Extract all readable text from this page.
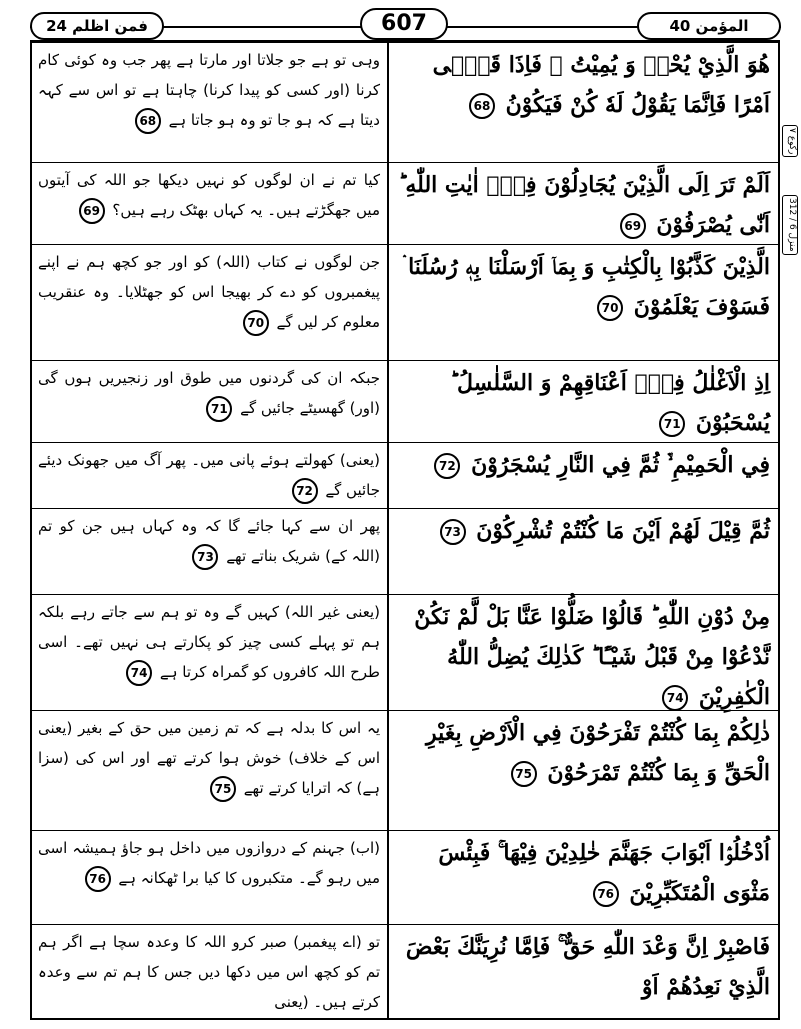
فمن اظلم 24	607	المؤمن 40
وہی تو ہے جو جلاتا اور مارتا ہے پھر جب وہ کوئی کام کرنا (اور کسی کو پیدا کرنا) چاہتا ہے تو اس سے کہہ دیتا ہے کہ ہو جا تو وہ ہو جاتا ہے 68
هُوَ الَّذِيْ يُحْيٖ وَ يُمِيْتُ ۚ فَاِذَا قَضٰۤى اَمْرًا فَاِنَّمَا يَقُوْلُ لَهٗ كُنْ فَيَكُوْنُ 68
کیا تم نے ان لوگوں کو نہیں دیکھا جو اللہ کی آیتوں میں جھگڑتے ہیں۔ یہ کہاں بھٹک رہے ہیں؟ 69
اَلَمْ تَرَ اِلَى الَّذِيْنَ يُجَادِلُوْنَ فِيْۤ اٰيٰتِ اللّٰهِ ؕ اَنّٰى يُصْرَفُوْنَ 69
جن لوگوں نے کتاب (اللہ) کو اور جو کچھ ہم نے اپنے پیغمبروں کو دے کر بھیجا اس کو جھٹلایا۔ وہ عنقریب معلوم کر لیں گے 70
الَّذِيْنَ كَذَّبُوْا بِالْكِتٰبِ وَ بِمَاۤ اَرْسَلْنَا بِهٖ رُسُلَنَا ۛ فَسَوْفَ يَعْلَمُوْنَ 70
جبکہ ان کی گردنوں میں طوق اور زنجیریں ہوں گی (اور) گھسیٹے جائیں گے 71
اِذِ الْاَغْلٰلُ فِيْۤ اَعْنَاقِهِمْ وَ السَّلٰسِلُ ؕ يُسْحَبُوْنَ 71
(یعنی) کھولتے ہوئے پانی میں۔ پھر آگ میں جھونک دیئے جائیں گے 72
فِي الْحَمِيْمِ ۙ۬ ثُمَّ فِي النَّارِ يُسْجَرُوْنَ 72
پھر ان سے کہا جائے گا کہ وہ کہاں ہیں جن کو تم (اللہ کے) شریک بناتے تھے 73
ثُمَّ قِيْلَ لَهُمْ اَيْنَ مَا كُنْتُمْ تُشْرِكُوْنَ 73
(یعنی غیر اللہ) کہیں گے وہ تو ہم سے جاتے رہے بلکہ ہم تو پہلے کسی چیز کو پکارتے ہی نہیں تھے۔ اسی طرح اللہ کافروں کو گمراہ کرتا ہے 74
مِنْ دُوْنِ اللّٰهِ ؕ قَالُوْا ضَلُّوْا عَنَّا بَلْ لَّمْ نَكُنْ نَّدْعُوْا مِنْ قَبْلُ شَيْـًٔا ؕ كَذٰلِكَ يُضِلُّ اللّٰهُ الْكٰفِرِيْنَ 74
یہ اس کا بدلہ ہے کہ تم زمین میں حق کے بغیر (یعنی اس کے خلاف) خوش ہوا کرتے تھے اور اس کی (سزا ہے) کہ اترایا کرتے تھے 75
ذٰلِكُمْ بِمَا كُنْتُمْ تَفْرَحُوْنَ فِي الْاَرْضِ بِغَيْرِ الْحَقِّ وَ بِمَا كُنْتُمْ تَمْرَحُوْنَ 75
(اب) جہنم کے دروازوں میں داخل ہو جاؤ ہمیشہ اسی میں رہو گے۔ متکبروں کا کیا برا ٹھکانہ ہے 76
اُدْخُلُوْۤا اَبْوَابَ جَهَنَّمَ خٰلِدِيْنَ فِيْهَا ۚ فَبِئْسَ مَثْوَى الْمُتَكَبِّرِيْنَ 76
تو (اے پیغمبر) صبر کرو اللہ کا وعدہ سچا ہے اگر ہم تم کو کچھ اس میں دکھا دیں جس کا ہم تم سے وعدہ کرتے ہیں۔ (یعنی
فَاصْبِرْ اِنَّ وَعْدَ اللّٰهِ حَقٌّ ۚ فَاِمَّا نُرِيَنَّكَ بَعْضَ الَّذِيْ نَعِدُهُمْ اَوْ
رکوع ۷
منزل 6 / 312
